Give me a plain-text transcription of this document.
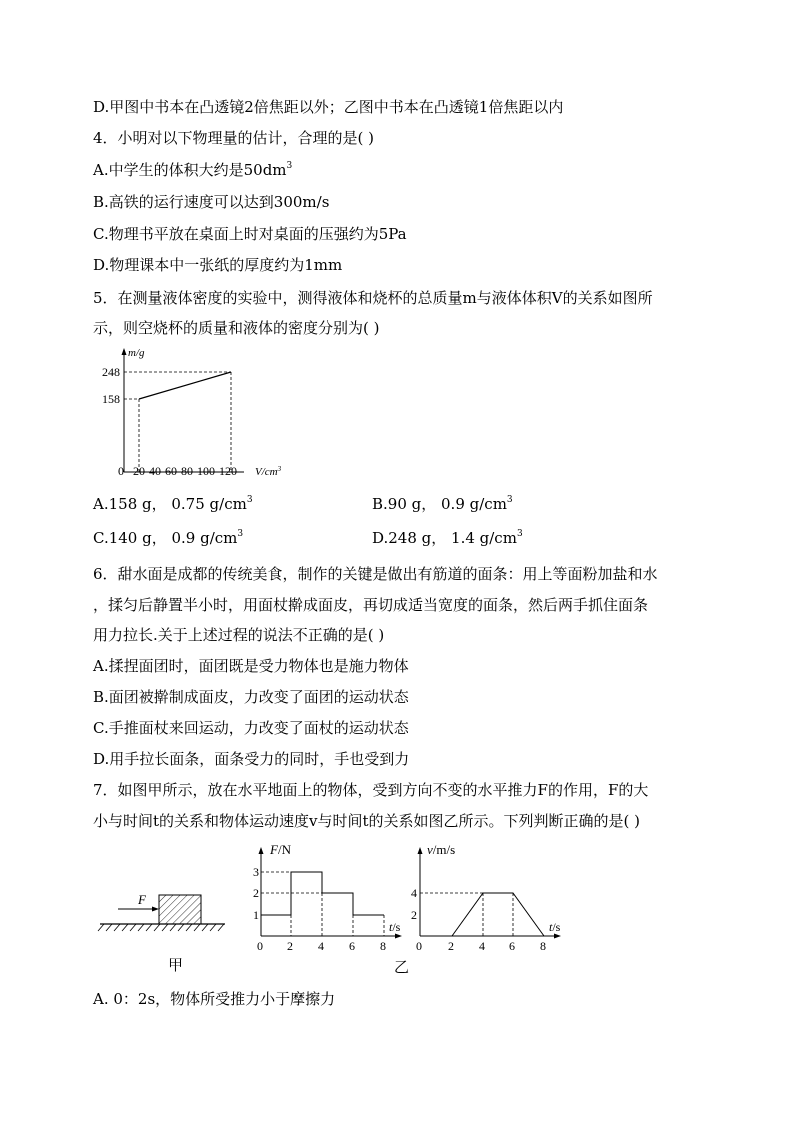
D.甲图中书本在凸透镜2倍焦距以外；乙图中书本在凸透镜1倍焦距以内
4．小明对以下物理量的估计，合理的是( )
A.中学生的体积大约是$50dm^3$
B.高铁的运行速度可以达到300m/s
C.物理书平放在桌面上时对桌面的压强约为5Pa
D.物理课本中一张纸的厚度约为1mm
5．在测量液体密度的实验中，测得液体和烧杯的总质量m与液体体积V的关系如图所
示，则空烧杯的质量和液体的密度分别为( )
m/g
248
158
0 20 40 60 80 100 120 $V/cm^3$
A.158 g， 0.75 $g/cm^3$	B.90 g， 0.9 $g/cm^3$
C.140 g， 0.9 $g/cm^3$	D.248 g， 1.4 $g/cm^3$
6．甜水面是成都的传统美食，制作的关键是做出有筋道的面条：用上等面粉加盐和水
，揉匀后静置半小时，用面杖擀成面皮，再切成适当宽度的面条，然后两手抓住面条
用力拉长.关于上述过程的说法不正确的是( )
A.揉捏面团时，面团既是受力物体也是施力物体
B.面团被擀制成面皮，力改变了面团的运动状态
C.手推面杖来回运动，力改变了面杖的运动状态
D.用手拉长面条，面条受力的同时，手也受到力
7．如图甲所示，放在水平地面上的物体，受到方向不变的水平推力F的作用，F的大
小与时间t的关系和物体运动速度v与时间t的关系如图乙所示。下列判断正确的是( )
F
甲	乙
F/N
3
2
1
0 2 4 6 8
t/s
v/m/s
4
2
0 2 4 6 8
t/s
A. 0：2s，物体所受推力小于摩擦力
